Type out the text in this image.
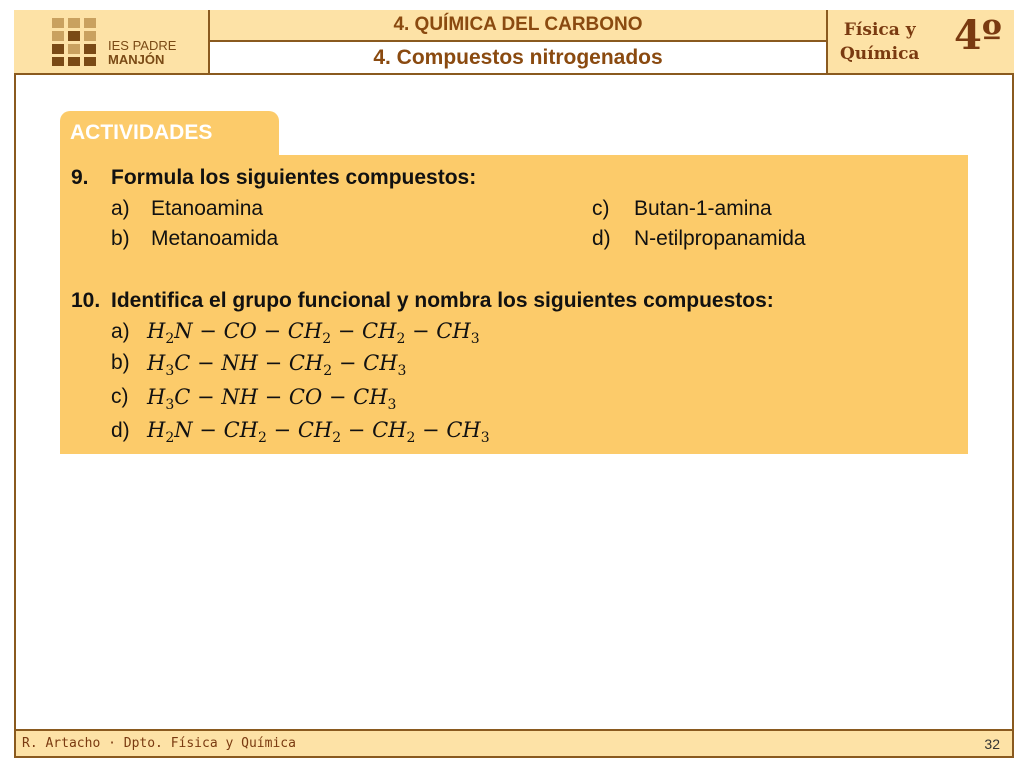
IES PADRE
MANJÓN
4. QUÍMICA DEL CARBONO
4. Compuestos nitrogenados
Física y
Química 4º
ACTIVIDADES
9. Formula los siguientes compuestos:
a) Etanoamina
b) Metanoamida
c) Butan-1-amina
d) N-etilpropanamida
10. Identifica el grupo funcional y nombra los siguientes compuestos:
a) $H_2N$ − CO − $CH_2 - CH_2 - CH_3$
b) $H_3C$ − NH − $CH_2 - CH_3$
c) $H_3C$ − NH − CO − $CH_3$
d) $H_2N - CH_2 - CH_2 - CH_2 - CH_3$
R. Artacho · Dpto. Física y Química	32
